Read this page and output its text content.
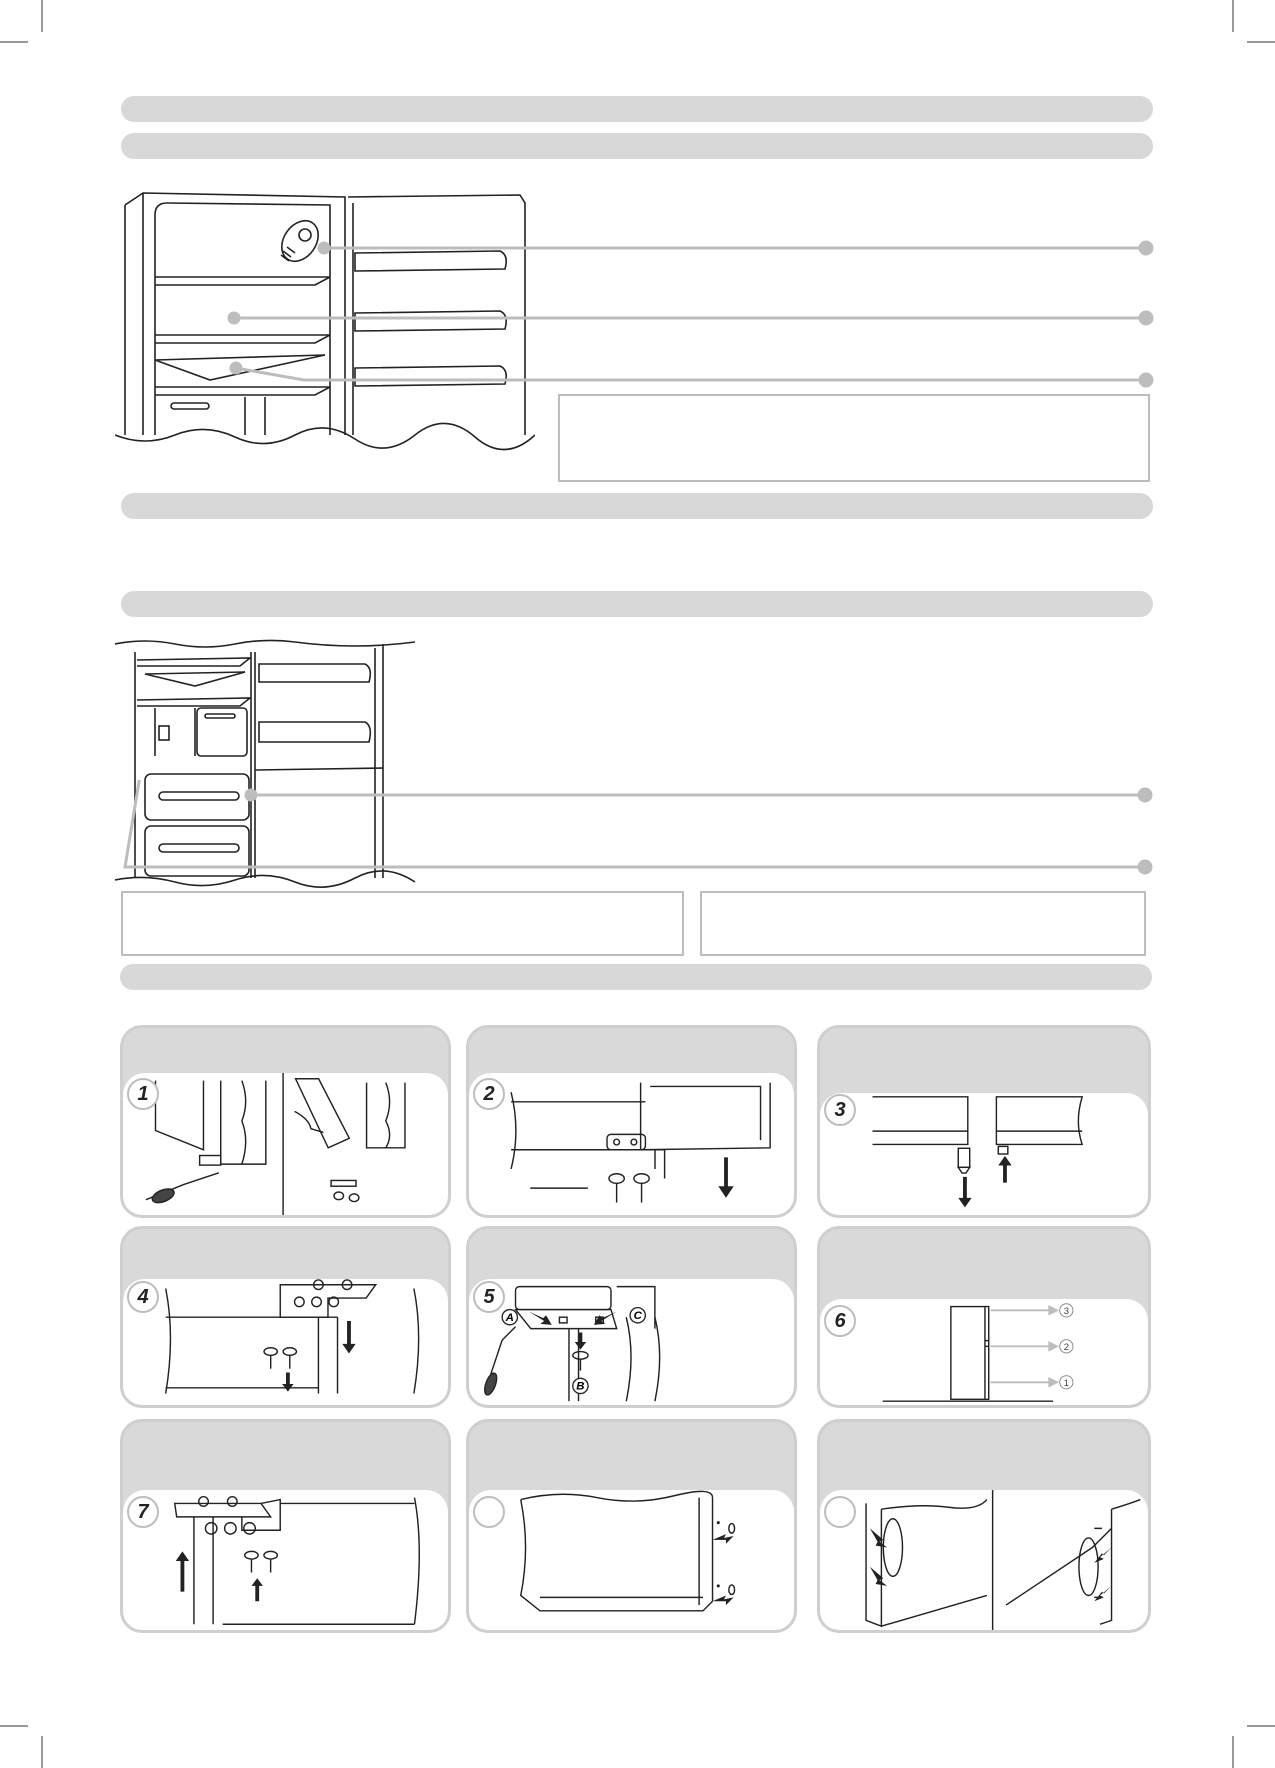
1	2
3
4
A	C
B
5
3
2
1
6
7
